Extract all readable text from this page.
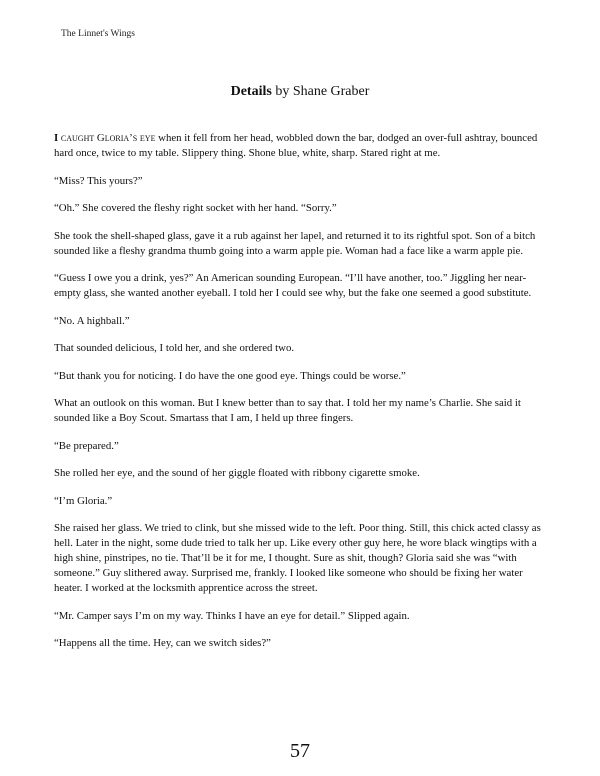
The Linnet's Wings
Details by Shane Graber

I caught Gloria’s eye when it fell from her head, wobbled down the bar, dodged an over-full ashtray, bounced hard once, twice to my table. Slippery thing. Shone blue, white, sharp. Stared right at me.

“Miss? This yours?”

“Oh.” She covered the fleshy right socket with her hand. “Sorry.”

She took the shell-shaped glass, gave it a rub against her lapel, and returned it to its rightful spot. Son of a bitch sounded like a fleshy grandma thumb going into a warm apple pie. Woman had a face like a warm apple pie.

“Guess I owe you a drink, yes?” An American sounding European. “I’ll have another, too.” Jiggling her near-empty glass, she wanted another eyeball. I told her I could see why, but the fake one seemed a good substitute.

“No. A highball.”

That sounded delicious, I told her, and she ordered two.

“But thank you for noticing. I do have the one good eye. Things could be worse.”

What an outlook on this woman. But I knew better than to say that. I told her my name’s Charlie. She said it sounded like a Boy Scout. Smartass that I am, I held up three fingers.

“Be prepared.”

She rolled her eye, and the sound of her giggle floated with ribbony cigarette smoke.

“I’m Gloria.”

She raised her glass. We tried to clink, but she missed wide to the left. Poor thing. Still, this chick acted classy as hell. Later in the night, some dude tried to talk her up. Like every other guy here, he wore black wingtips with a high shine, pinstripes, no tie. That’ll be it for me, I thought. Sure as shit, though? Gloria said she was “with someone.” Guy slithered away. Surprised me, frankly. I looked like someone who should be fixing her water heater. I worked at the locksmith apprentice across the street.

“Mr. Camper says I’m on my way. Thinks I have an eye for detail.” Slipped again.

“Happens all the time. Hey, can we switch sides?”

57
